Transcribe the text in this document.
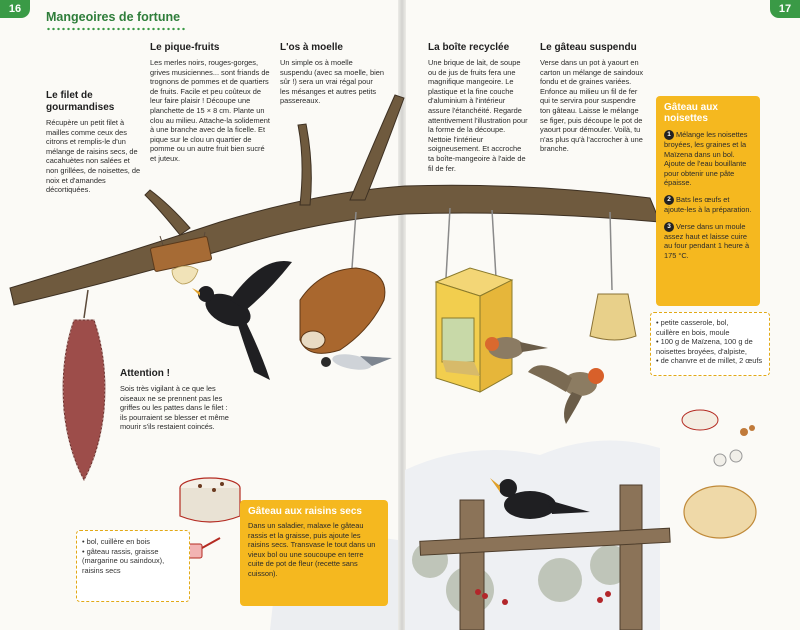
16	17
Mangeoires de fortune
Le filet de gourmandises

Récupère un petit filet à mailles comme ceux des citrons et remplis-le d'un mélange de raisins secs, de cacahuètes non salées et non grillées, de noisettes, de noix et d'amandes décortiquées.

Le pique-fruits

Les merles noirs, rouges-gorges, grives musiciennes... sont friands de trognons de pommes et de quartiers de fruits. Facile et peu coûteux de leur faire plaisir ! Découpe une planchette de 15 × 8 cm. Plante un clou au milieu. Attache-la solidement à une branche avec de la ficelle. Et pique sur le clou un quartier de pomme ou un autre fruit bien sucré et juteux.

L'os à moelle

Un simple os à moelle suspendu (avec sa moelle, bien sûr !) sera un vrai régal pour les mésanges et autres petits passereaux.

Attention !

Sois très vigilant à ce que les oiseaux ne se prennent pas les griffes ou les pattes dans le filet : ils pourraient se blesser et même mourir s'ils restaient coincés.

• bol, cuillère en bois
• gâteau rassis, graisse (margarine ou saindoux), raisins secs
Gâteau aux raisins secs

Dans un saladier, malaxe le gâteau rassis et la graisse, puis ajoute les raisins secs. Transvase le tout dans un vieux bol ou une soucoupe en terre cuite de pot de fleur (recette sans cuisson).

La boîte recyclée

Une brique de lait, de soupe ou de jus de fruits fera une magnifique mangeoire. Le plastique et la fine couche d'aluminium à l'intérieur assure l'étanchéité. Regarde attentivement l'illustration pour la forme de la découpe. Nettoie l'intérieur soigneusement. Et accroche ta boîte-mangeoire à l'aide de fil de fer.

Le gâteau suspendu

Verse dans un pot à yaourt en carton un mélange de saindoux fondu et de graines variées. Enfonce au milieu un fil de fer qui te servira pour suspendre ton gâteau. Laisse le mélange se figer, puis découpe le pot de yaourt pour démouler. Voilà, tu n'as plus qu'à l'accrocher à une branche.

Gâteau aux noisettes

1 Mélange les noisettes broyées, les graines et la Maïzena dans un bol. Ajoute de l'eau bouillante pour obtenir une pâte épaisse.

2 Bats les œufs et ajoute-les à la préparation.

3 Verse dans un moule assez haut et laisse cuire au four pendant 1 heure à 175 °C.

• petite casserole, bol, cuillère en bois, moule
• 100 g de Maïzena, 100 g de noisettes broyées, d'alpiste,
• de chanvre et de millet, 2 œufs
